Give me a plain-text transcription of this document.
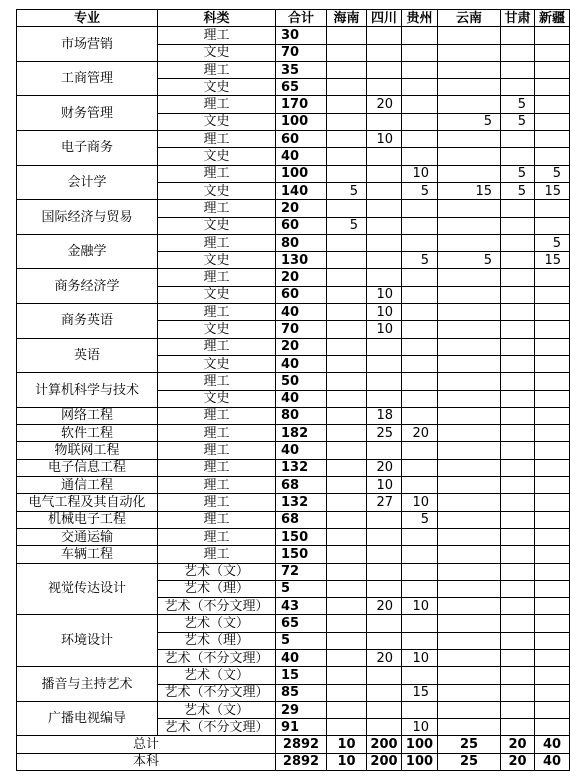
专业	科类	合计	海南	四川	贵州	云南	甘肃	新疆
市场营销	理工	30						
	文史	70						
工商管理	理工	35						
	文史	65						
财务管理	理工	170		20			5	
	文史	100				5	5	
电子商务	理工	60		10				
	文史	40						
会计学	理工	100			10		5	5
	文史	140	5		5	15	5	15
国际经济与贸易	理工	20						
	文史	60	5					
金融学	理工	80						5
	文史	130			5	5		15
商务经济学	理工	20						
	文史	60		10				
商务英语	理工	40		10				
	文史	70		10				
英语	理工	20						
	文史	40						
计算机科学与技术	理工	50						
	文史	40						
网络工程	理工	80		18				
软件工程	理工	182		25	20			
物联网工程	理工	40						
电子信息工程	理工	132		20				
通信工程	理工	68		10				
电气工程及其自动化	理工	132		27	10			
机械电子工程	理工	68			5			
交通运输	理工	150						
车辆工程	理工	150						
视觉传达设计	艺术（文）	72						
	艺术（理）	5						
	艺术（不分文理）	43		20	10			
环境设计	艺术（文）	65						
	艺术（理）	5						
	艺术（不分文理）	40		20	10			
播音与主持艺术	艺术（文）	15						
	艺术（不分文理）	85			15			
广播电视编导	艺术（文）	29						
	艺术（不分文理）	91			10			
总计		2892	10	200	100	25	20	40
本科		2892	10	200	100	25	20	40
